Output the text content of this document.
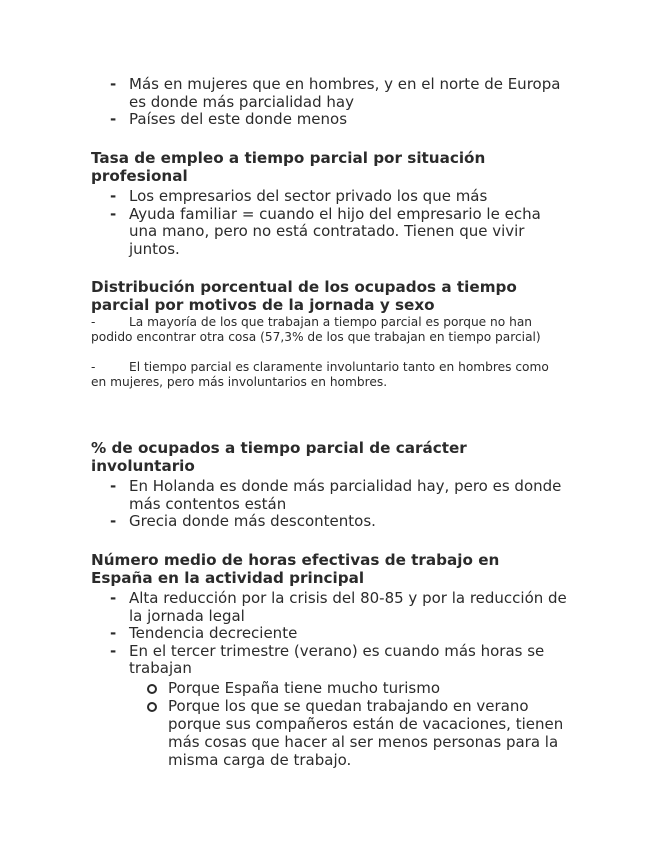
- Más en mujeres que en hombres, y en el norte de Europa es donde más parcialidad hay
- Países del este donde menos
Tasa de empleo a tiempo parcial por situación profesional
- Los empresarios del sector privado los que más
- Ayuda familiar = cuando el hijo del empresario le echa una mano, pero no está contratado. Tienen que vivir juntos.
Distribución porcentual de los ocupados a tiempo parcial por motivos de la jornada y sexo

-	La mayoría de los que trabajan a tiempo parcial es porque no han podido encontrar otra cosa (57,3% de los que trabajan en tiempo parcial)

-	El tiempo parcial es claramente involuntario tanto en hombres como en mujeres, pero más involuntarios en hombres.

% de ocupados a tiempo parcial de carácter involuntario
- En Holanda es donde más parcialidad hay, pero es donde más contentos están
- Grecia donde más descontentos.
Número medio de horas efectivas de trabajo en España en la actividad principal
- Alta reducción por la crisis del 80-85 y por la reducción de la jornada legal
- Tendencia decreciente
- En el tercer trimestre (verano) es cuando más horas se trabajan
Porque España tiene mucho turismo
Porque los que se quedan trabajando en verano porque sus compañeros están de vacaciones, tienen más cosas que hacer al ser menos personas para la misma carga de trabajo.
